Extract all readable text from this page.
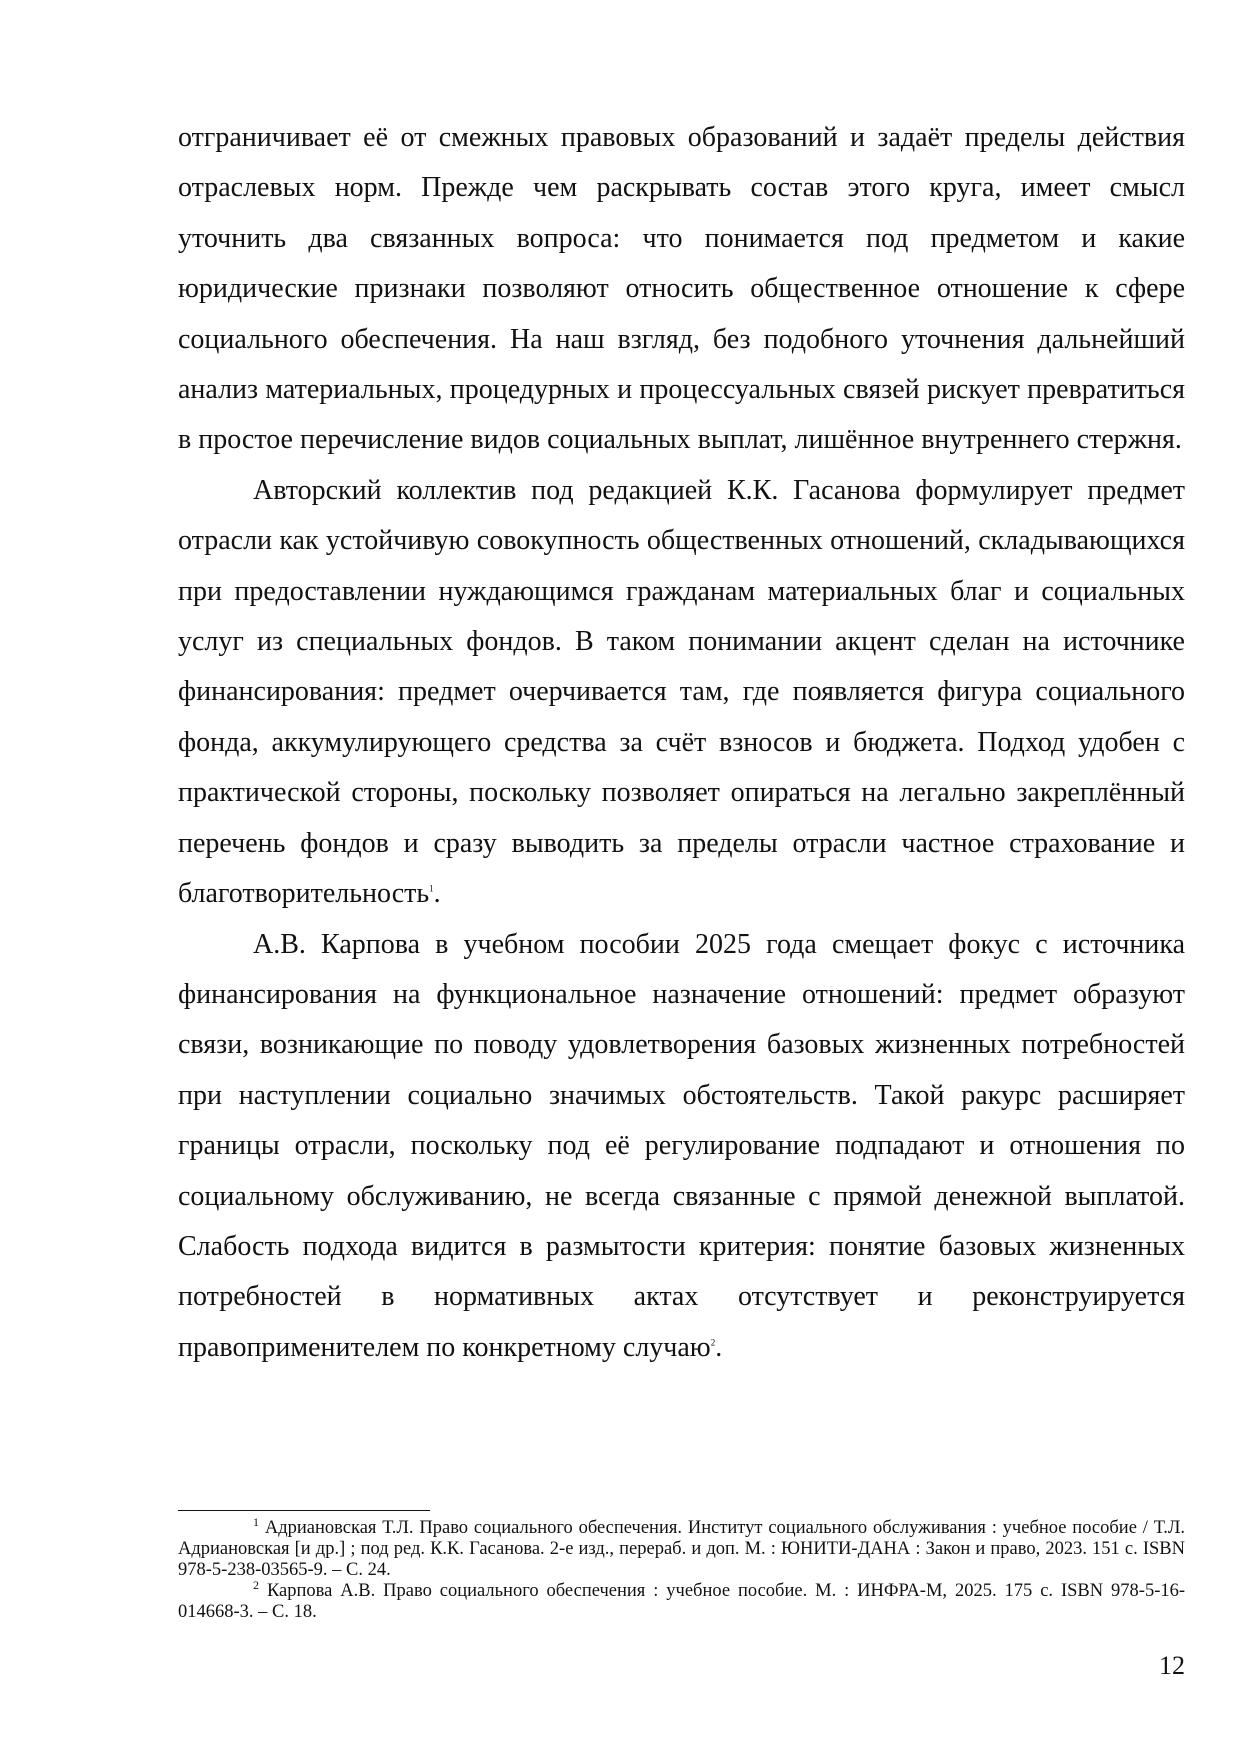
отграничивает её от смежных правовых образований и задаёт пределы действия отраслевых норм. Прежде чем раскрывать состав этого круга, имеет смысл уточнить два связанных вопроса: что понимается под предметом и какие юридические признаки позволяют относить общественное отношение к сфере социального обеспечения. На наш взгляд, без подобного уточнения дальнейший анализ материальных, процедурных и процессуальных связей рискует превратиться в простое перечисление видов социальных выплат, лишённое внутреннего стержня.

Авторский коллектив под редакцией К.К. Гасанова формулирует предмет отрасли как устойчивую совокупность общественных отношений, складывающихся при предоставлении нуждающимся гражданам материальных благ и социальных услуг из специальных фондов. В таком понимании акцент сделан на источнике финансирования: предмет очерчивается там, где появляется фигура социального фонда, аккумулирующего средства за счёт взносов и бюджета. Подход удобен с практической стороны, поскольку позволяет опираться на легально закреплённый перечень фондов и сразу выводить за пределы отрасли частное страхование и благотворительность$^1$.

А.В. Карпова в учебном пособии 2025 года смещает фокус с источника финансирования на функциональное назначение отношений: предмет образуют связи, возникающие по поводу удовлетворения базовых жизненных потребностей при наступлении социально значимых обстоятельств. Такой ракурс расширяет границы отрасли, поскольку под её регулирование подпадают и отношения по социальному обслуживанию, не всегда связанные с прямой денежной выплатой. Слабость подхода видится в размытости критерия: понятие базовых жизненных потребностей в нормативных актах отсутствует и реконструируется правоприменителем по конкретному случаю$^2$.

$^1$ Адриановская Т.Л. Право социального обеспечения. Институт социального обслуживания : учебное пособие / Т.Л. Адриановская [и др.] ; под ред. К.К. Гасанова. 2-е изд., перераб. и доп. М. : ЮНИТИ-ДАНА : Закон и право, 2023. 151 с. ISBN 978-5-238-03565-9. – С. 24.

$^2$ Карпова А.В. Право социального обеспечения : учебное пособие. М. : ИНФРА-М, 2025. 175 с. ISBN 978-5-16-014668-3. – С. 18.

12
